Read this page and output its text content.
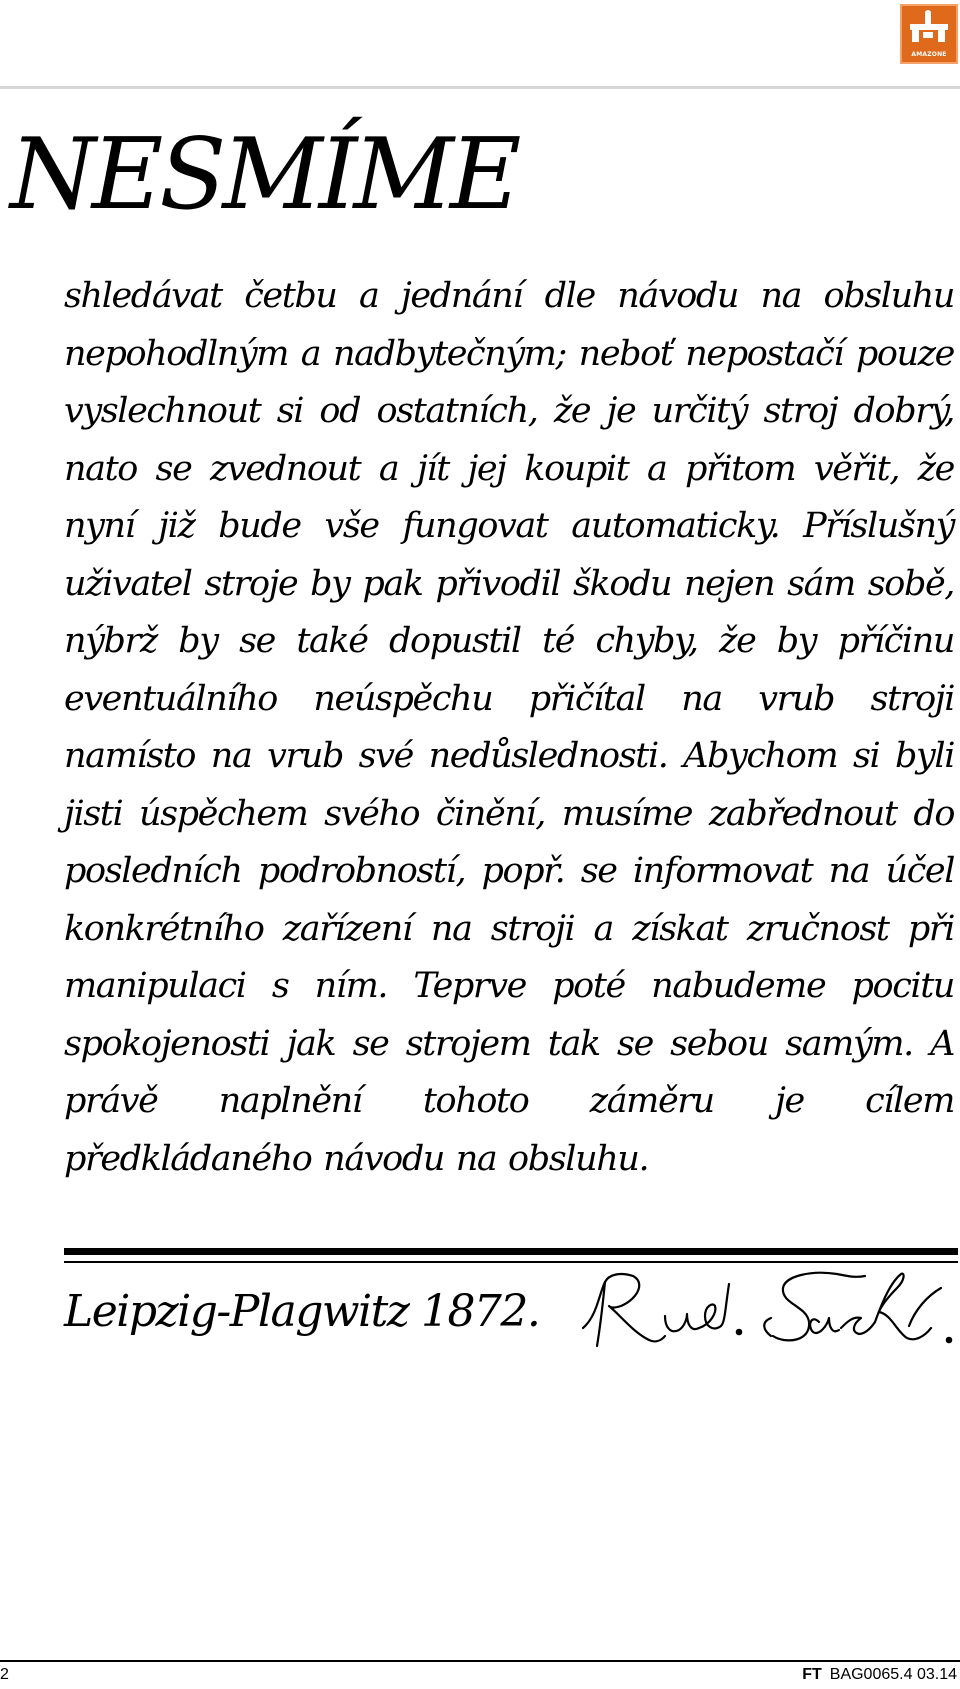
AMAZONE
NESMÍME

shledávat četbu a jednání dle návodu na obsluhu nepohodlným a nadbytečným; neboť nepostačí pouze vyslechnout si od ostatních, že je určitý stroj dobrý, nato se zvednout a jít jej koupit a přitom věřit, že nyní již bude vše fungovat automaticky. Příslušný uživatel stroje by pak přivodil škodu nejen sám sobě, nýbrž by se také dopustil té chyby, že by příčinu eventuálního neúspěchu přičítal na vrub stroji namísto na vrub své nedůslednosti. Abychom si byli jisti úspěchem svého činění, musíme zabřednout do posledních podrobností, popř. se informovat na účel konkrétního zařízení na stroji a získat zručnost při manipulaci s ním. Teprve poté nabudeme pocitu spokojenosti jak se strojem tak se sebou samým. A právě naplnění tohoto záměru je cílem předkládaného návodu na obsluhu.

Leipzig-Plagwitz 1872.
2	FT BAG0065.4 03.14
